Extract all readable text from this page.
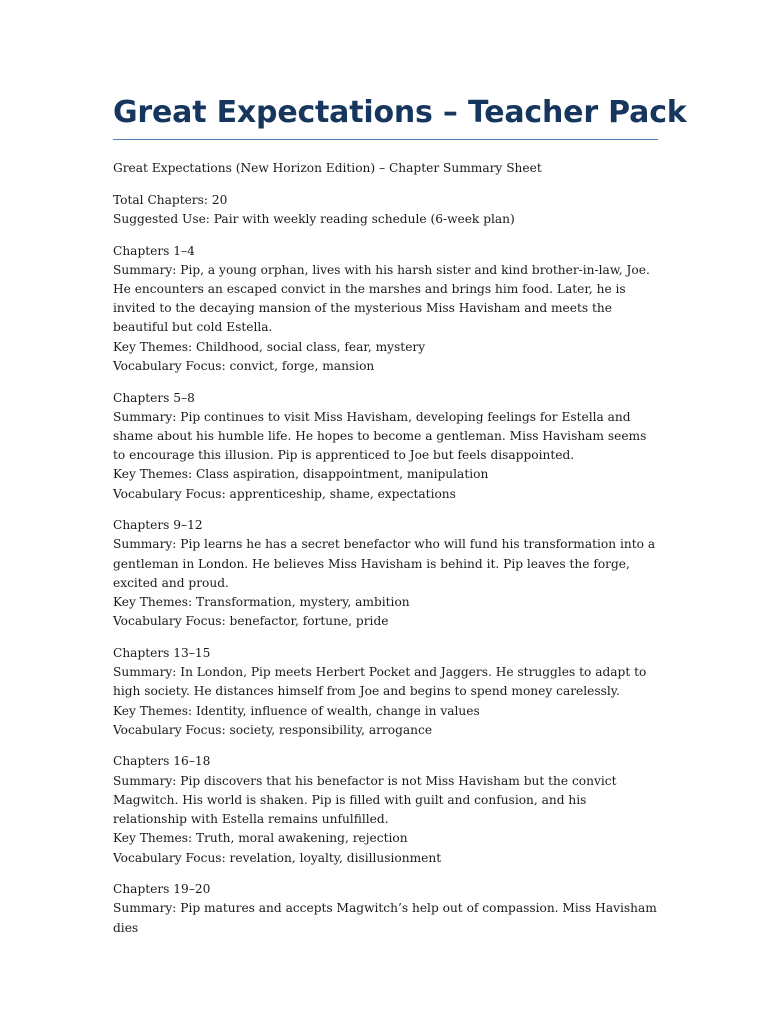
Great Expectations – Teacher Pack

Great Expectations (New Horizon Edition) – Chapter Summary Sheet

Total Chapters: 20
Suggested Use: Pair with weekly reading schedule (6-week plan)
Chapters 1–4
Summary: Pip, a young orphan, lives with his harsh sister and kind brother-in-law, Joe. He encounters an escaped convict in the marshes and brings him food. Later, he is invited to the decaying mansion of the mysterious Miss Havisham and meets the beautiful but cold Estella.
Key Themes: Childhood, social class, fear, mystery
Vocabulary Focus: convict, forge, mansion
Chapters 5–8
Summary: Pip continues to visit Miss Havisham, developing feelings for Estella and shame about his humble life. He hopes to become a gentleman. Miss Havisham seems to encourage this illusion. Pip is apprenticed to Joe but feels disappointed.
Key Themes: Class aspiration, disappointment, manipulation
Vocabulary Focus: apprenticeship, shame, expectations
Chapters 9–12
Summary: Pip learns he has a secret benefactor who will fund his transformation into a gentleman in London. He believes Miss Havisham is behind it. Pip leaves the forge, excited and proud.
Key Themes: Transformation, mystery, ambition
Vocabulary Focus: benefactor, fortune, pride
Chapters 13–15
Summary: In London, Pip meets Herbert Pocket and Jaggers. He struggles to adapt to high society. He distances himself from Joe and begins to spend money carelessly.
Key Themes: Identity, influence of wealth, change in values
Vocabulary Focus: society, responsibility, arrogance
Chapters 16–18
Summary: Pip discovers that his benefactor is not Miss Havisham but the convict Magwitch. His world is shaken. Pip is filled with guilt and confusion, and his relationship with Estella remains unfulfilled.
Key Themes: Truth, moral awakening, rejection
Vocabulary Focus: revelation, loyalty, disillusionment
Chapters 19–20
Summary: Pip matures and accepts Magwitch’s help out of compassion. Miss Havisham dies
